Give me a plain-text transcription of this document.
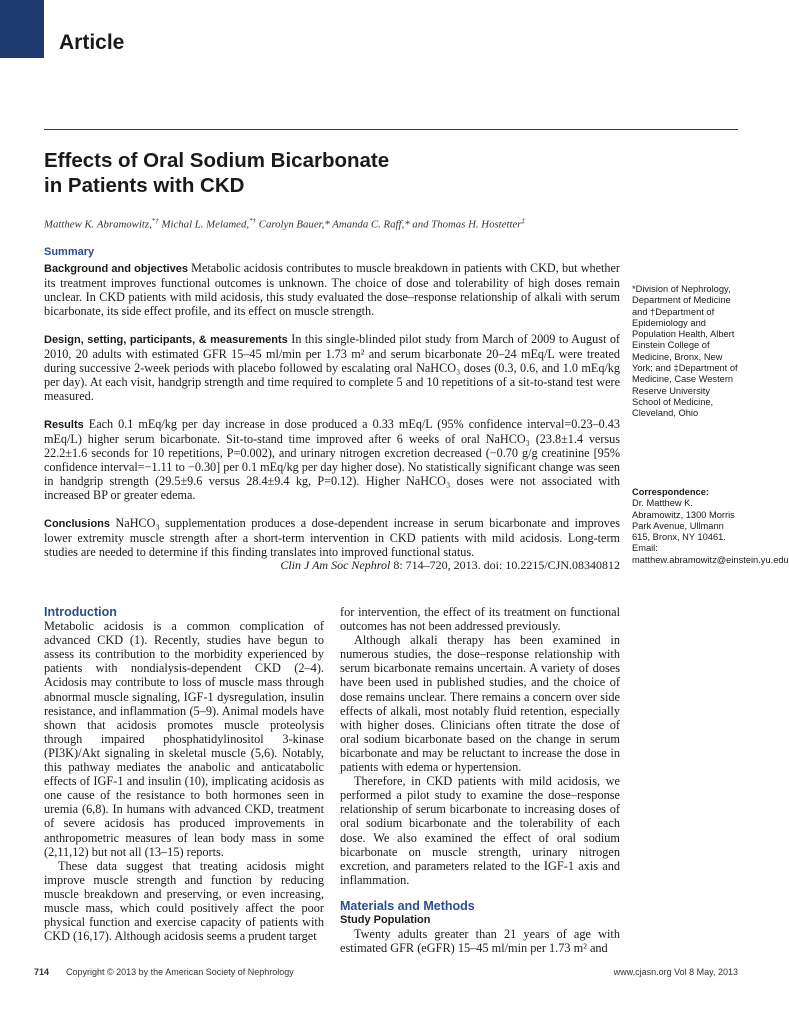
Article
Effects of Oral Sodium Bicarbonate
in Patients with CKD
Matthew K. Abramowitz,*† Michal L. Melamed,*† Carolyn Bauer,* Amanda C. Raff,* and Thomas H. Hostetter‡
Summary

Background and objectives Metabolic acidosis contributes to muscle breakdown in patients with CKD, but whether its treatment improves functional outcomes is unknown. The choice of dose and tolerability of high doses remain unclear. In CKD patients with mild acidosis, this study evaluated the dose–response relationship of alkali with serum bicarbonate, its side effect profile, and its effect on muscle strength.

Design, setting, participants, & measurements In this single-blinded pilot study from March of 2009 to August of 2010, 20 adults with estimated GFR 15–45 ml/min per 1.73 m² and serum bicarbonate 20–24 mEq/L were treated during successive 2-week periods with placebo followed by escalating oral NaHCO₃ doses (0.3, 0.6, and 1.0 mEq/kg per day). At each visit, handgrip strength and time required to complete 5 and 10 repetitions of a sit-to-stand test were measured.

Results Each 0.1 mEq/kg per day increase in dose produced a 0.33 mEq/L (95% confidence interval=0.23–0.43 mEq/L) higher serum bicarbonate. Sit-to-stand time improved after 6 weeks of oral NaHCO₃ (23.8±1.4 versus 22.2±1.6 seconds for 10 repetitions, P=0.002), and urinary nitrogen excretion decreased (−0.70 g/g creatinine [95% confidence interval=−1.11 to −0.30] per 0.1 mEq/kg per day higher dose). No statistically significant change was seen in handgrip strength (29.5±9.6 versus 28.4±9.4 kg, P=0.12). Higher NaHCO₃ doses were not associated with increased BP or greater edema.

Conclusions NaHCO₃ supplementation produces a dose-dependent increase in serum bicarbonate and improves lower extremity muscle strength after a short-term intervention in CKD patients with mild acidosis. Long-term studies are needed to determine if this finding translates into improved functional status.

Clin J Am Soc Nephrol 8: 714–720, 2013. doi: 10.2215/CJN.08340812
*Division of Nephrology, Department of Medicine and †Department of Epidemiology and Population Health, Albert Einstein College of Medicine, Bronx, New York; and ‡Department of Medicine, Case Western Reserve University School of Medicine, Cleveland, Ohio
Correspondence:
Dr. Matthew K. Abramowitz, 1300 Morris Park Avenue, Ullmann 615, Bronx, NY 10461. Email: matthew.abramowitz@einstein.yu.edu
Introduction

Metabolic acidosis is a common complication of advanced CKD (1). Recently, studies have begun to assess its contribution to the morbidity experienced by patients with nondialysis-dependent CKD (2–4). Acidosis may contribute to loss of muscle mass through abnormal muscle signaling, IGF-1 dysregulation, insulin resistance, and inflammation (5–9). Animal models have shown that acidosis promotes muscle proteolysis through impaired phosphatidylinositol 3-kinase (PI3K)/Akt signaling in skeletal muscle (5,6). Notably, this pathway mediates the anabolic and anticatabolic effects of IGF-1 and insulin (10), implicating acidosis as one cause of the resistance to both hormones seen in uremia (6,8). In humans with advanced CKD, treatment of severe acidosis has produced improvements in anthropometric measures of lean body mass in some (2,11,12) but not all (13–15) reports.

These data suggest that treating acidosis might improve muscle strength and function by reducing muscle breakdown and preserving, or even increasing, muscle mass, which could positively affect the poor physical function and exercise capacity of patients with CKD (16,17). Although acidosis seems a prudent target

for intervention, the effect of its treatment on functional outcomes has not been addressed previously.

Although alkali therapy has been examined in numerous studies, the dose–response relationship with serum bicarbonate remains uncertain. A variety of doses have been used in published studies, and the choice of dose remains unclear. There remains a concern over side effects of alkali, most notably fluid retention, especially with higher doses. Clinicians often titrate the dose of oral sodium bicarbonate based on the change in serum bicarbonate and may be reluctant to increase the dose in patients with edema or hypertension.

Therefore, in CKD patients with mild acidosis, we performed a pilot study to examine the dose–response relationship of serum bicarbonate to increasing doses of oral sodium bicarbonate and the tolerability of each dose. We also examined the effect of oral sodium bicarbonate on muscle strength, urinary nitrogen excretion, and parameters related to the IGF-1 axis and inflammation.

Materials and Methods
Study Population

Twenty adults greater than 21 years of age with estimated GFR (eGFR) 15–45 ml/min per 1.73 m² and

714 Copyright © 2013 by the American Society of Nephrology	www.cjasn.org Vol 8 May, 2013
